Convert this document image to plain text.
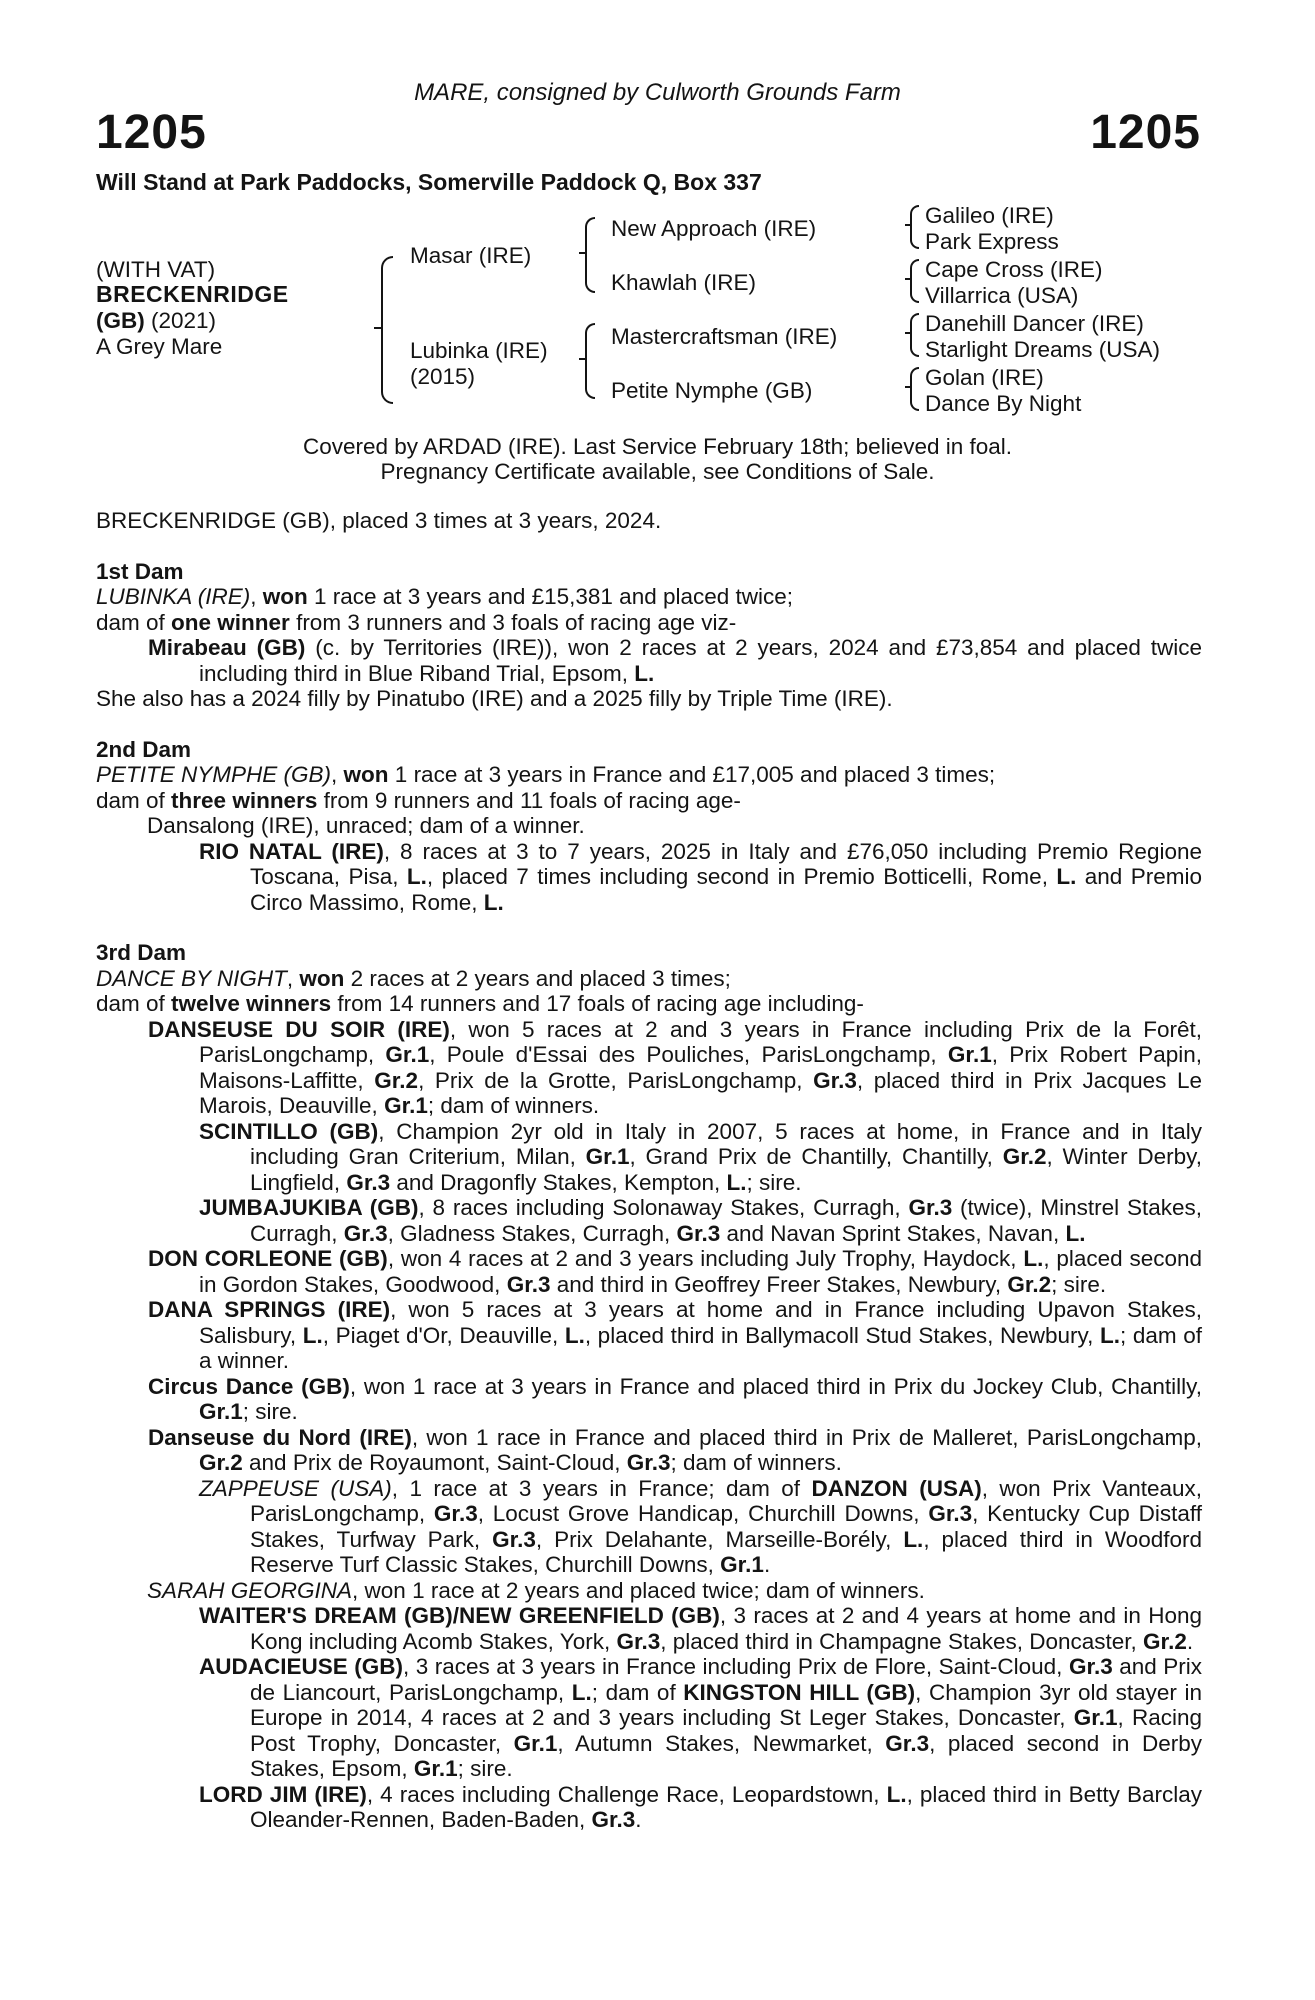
MARE, consigned by Culworth Grounds Farm
1205	1205
Will Stand at Park Paddocks, Somerville Paddock Q, Box 337
(WITH VAT)
BRECKENRIDGE
(GB) (2021)
A Grey Mare
Masar (IRE)
Lubinka (IRE)
(2015)
New Approach (IRE)
Khawlah (IRE)
Mastercraftsman (IRE)
Petite Nymphe (GB)
Galileo (IRE)
Park Express
Cape Cross (IRE)
Villarrica (USA)
Danehill Dancer (IRE)
Starlight Dreams (USA)
Golan (IRE)
Dance By Night
Covered by ARDAD (IRE). Last Service February 18th; believed in foal.
Pregnancy Certificate available, see Conditions of Sale.

BRECKENRIDGE (GB), placed 3 times at 3 years, 2024.

1st Dam

LUBINKA (IRE), won 1 race at 3 years and £15,381 and placed twice;

dam of one winner from 3 runners and 3 foals of racing age viz-

Mirabeau (GB) (c. by Territories (IRE)), won 2 races at 2 years, 2024 and £73,854 and placed twice including third in Blue Riband Trial, Epsom, L.

She also has a 2024 filly by Pinatubo (IRE) and a 2025 filly by Triple Time (IRE).

2nd Dam

PETITE NYMPHE (GB), won 1 race at 3 years in France and £17,005 and placed 3 times;

dam of three winners from 9 runners and 11 foals of racing age-

Dansalong (IRE), unraced; dam of a winner.

RIO NATAL (IRE), 8 races at 3 to 7 years, 2025 in Italy and £76,050 including Premio Regione Toscana, Pisa, L., placed 7 times including second in Premio Botticelli, Rome, L. and Premio Circo Massimo, Rome, L.

3rd Dam

DANCE BY NIGHT, won 2 races at 2 years and placed 3 times;

dam of twelve winners from 14 runners and 17 foals of racing age including-

DANSEUSE DU SOIR (IRE), won 5 races at 2 and 3 years in France including Prix de la Forêt, ParisLongchamp, Gr.1, Poule d'Essai des Pouliches, ParisLongchamp, Gr.1, Prix Robert Papin, Maisons-Laffitte, Gr.2, Prix de la Grotte, ParisLongchamp, Gr.3, placed third in Prix Jacques Le Marois, Deauville, Gr.1; dam of winners.

SCINTILLO (GB), Champion 2yr old in Italy in 2007, 5 races at home, in France and in Italy including Gran Criterium, Milan, Gr.1, Grand Prix de Chantilly, Chantilly, Gr.2, Winter Derby, Lingfield, Gr.3 and Dragonfly Stakes, Kempton, L.; sire.

JUMBAJUKIBA (GB), 8 races including Solonaway Stakes, Curragh, Gr.3 (twice), Minstrel Stakes, Curragh, Gr.3, Gladness Stakes, Curragh, Gr.3 and Navan Sprint Stakes, Navan, L.

DON CORLEONE (GB), won 4 races at 2 and 3 years including July Trophy, Haydock, L., placed second in Gordon Stakes, Goodwood, Gr.3 and third in Geoffrey Freer Stakes, Newbury, Gr.2; sire.

DANA SPRINGS (IRE), won 5 races at 3 years at home and in France including Upavon Stakes, Salisbury, L., Piaget d'Or, Deauville, L., placed third in Ballymacoll Stud Stakes, Newbury, L.; dam of a winner.

Circus Dance (GB), won 1 race at 3 years in France and placed third in Prix du Jockey Club, Chantilly, Gr.1; sire.

Danseuse du Nord (IRE), won 1 race in France and placed third in Prix de Malleret, ParisLongchamp, Gr.2 and Prix de Royaumont, Saint-Cloud, Gr.3; dam of winners.

ZAPPEUSE (USA), 1 race at 3 years in France; dam of DANZON (USA), won Prix Vanteaux, ParisLongchamp, Gr.3, Locust Grove Handicap, Churchill Downs, Gr.3, Kentucky Cup Distaff Stakes, Turfway Park, Gr.3, Prix Delahante, Marseille-Borély, L., placed third in Woodford Reserve Turf Classic Stakes, Churchill Downs, Gr.1.

SARAH GEORGINA, won 1 race at 2 years and placed twice; dam of winners.

WAITER'S DREAM (GB)/NEW GREENFIELD (GB), 3 races at 2 and 4 years at home and in Hong Kong including Acomb Stakes, York, Gr.3, placed third in Champagne Stakes, Doncaster, Gr.2.

AUDACIEUSE (GB), 3 races at 3 years in France including Prix de Flore, Saint-Cloud, Gr.3 and Prix de Liancourt, ParisLongchamp, L.; dam of KINGSTON HILL (GB), Champion 3yr old stayer in Europe in 2014, 4 races at 2 and 3 years including St Leger Stakes, Doncaster, Gr.1, Racing Post Trophy, Doncaster, Gr.1, Autumn Stakes, Newmarket, Gr.3, placed second in Derby Stakes, Epsom, Gr.1; sire.

LORD JIM (IRE), 4 races including Challenge Race, Leopardstown, L., placed third in Betty Barclay Oleander-Rennen, Baden-Baden, Gr.3.
